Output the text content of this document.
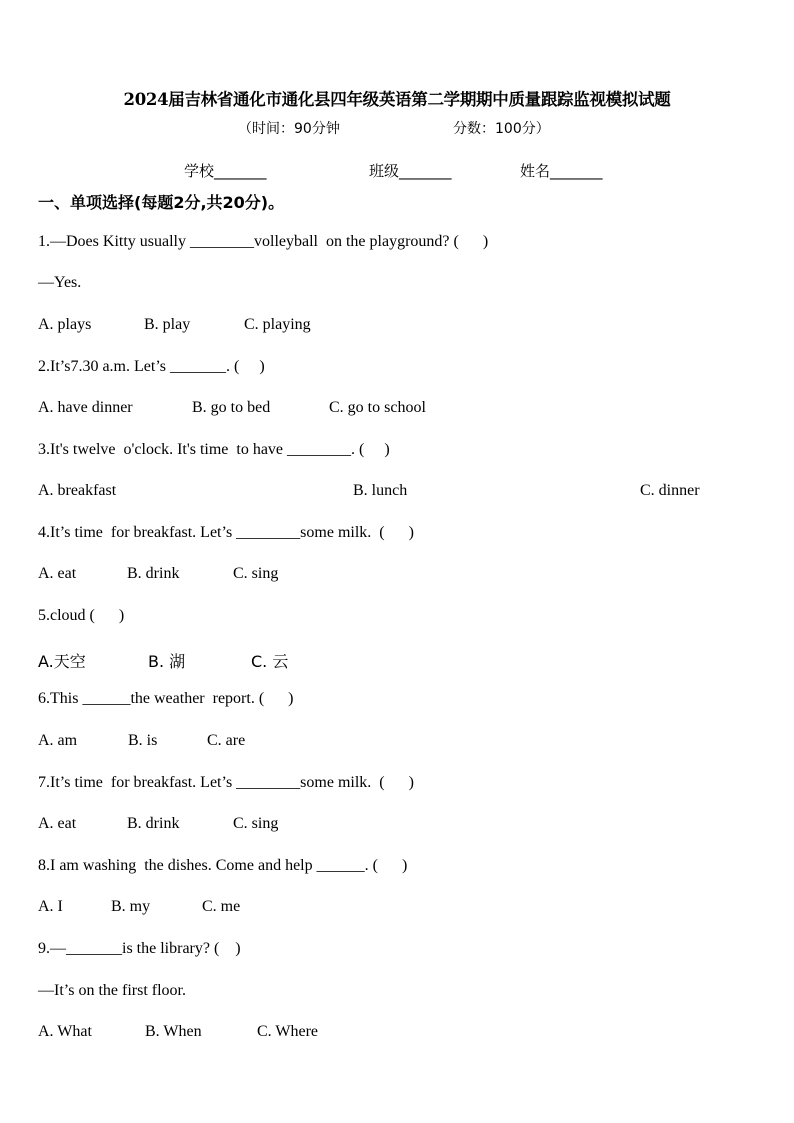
2024届吉林省通化市通化县四年级英语第二学期期中质量跟踪监视模拟试题
（时间：90分钟	分数：100分）
学校_______	班级_______	姓名_______
一、单项选择(每题2分,共20分)。
1.—Does Kitty usually ________volleyball  on the playground? (      )
—Yes.
A. plays	B. play	C. playing
2.It’s7.30 a.m. Let’s _______. (     )
A. have dinner	B. go to bed	C. go to school
3.It's twelve  o'clock. It's time  to have ________. (     )
A. breakfast	B. lunch	C. dinner
4.It’s time  for breakfast. Let’s ________some milk.  (      )
A. eat	B. drink	C. sing
5.cloud (      )
A.天空	B. 湖	C. 云
6.This ______the weather  report. (      )
A. am	B. is	C. are
7.It’s time  for breakfast. Let’s ________some milk.  (      )
A. eat	B. drink	C. sing
8.I am washing  the dishes. Come and help ______. (      )
A. I	B. my	C. me
9.—_______is the library? (    )
—It’s on the first floor.
A. What	B. When	C. Where
